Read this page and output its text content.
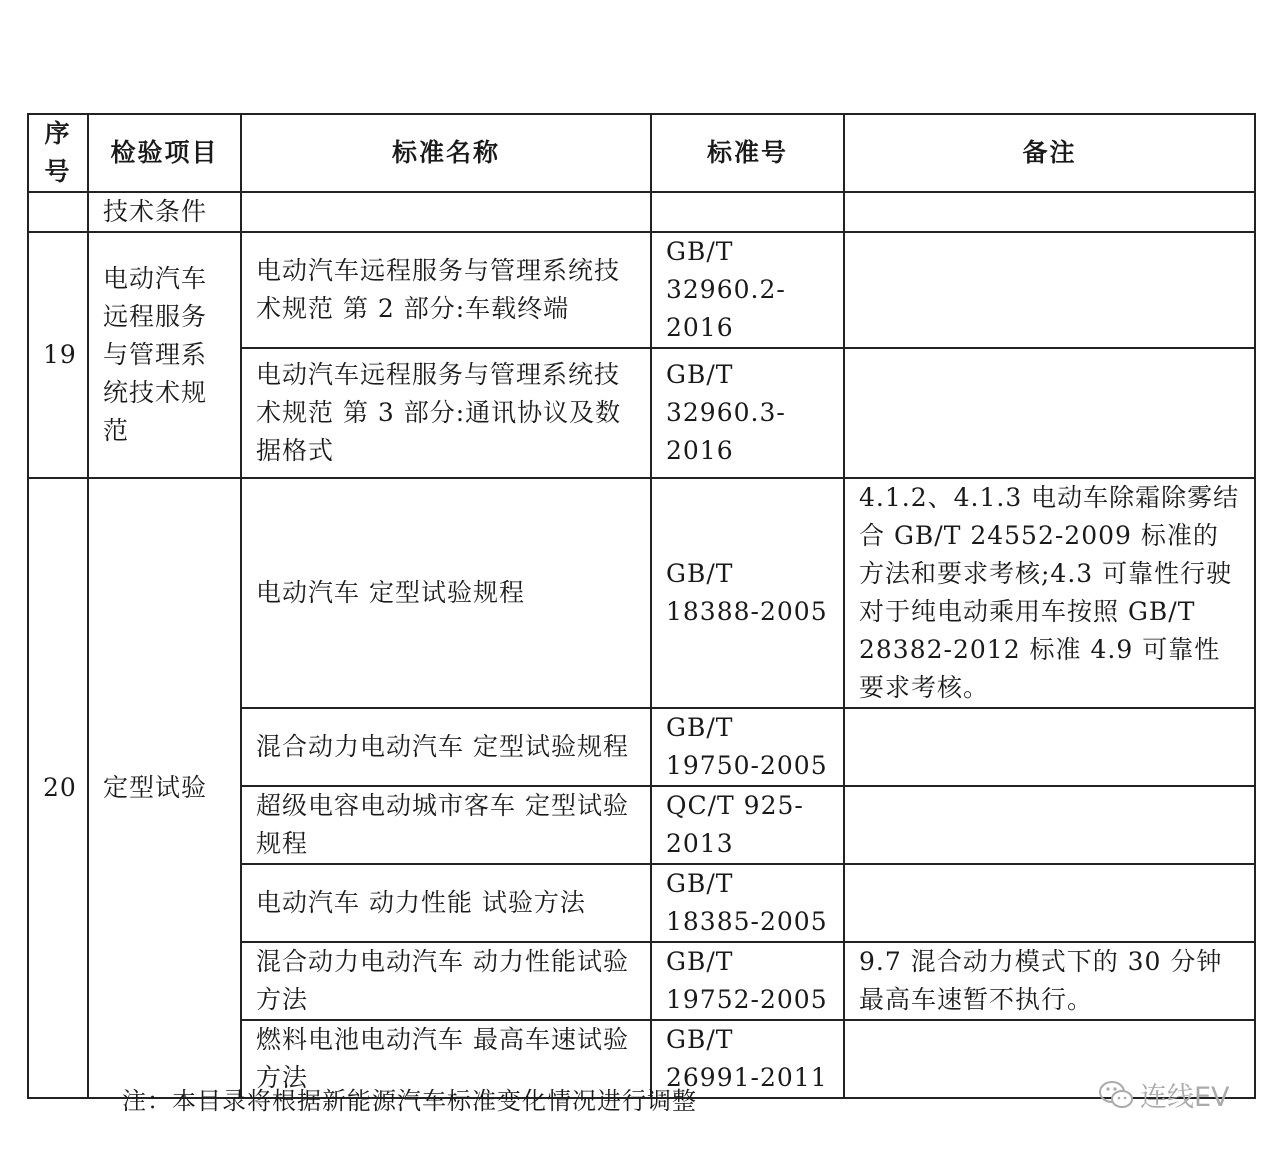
序号	检验项目	标准名称	标准号	备注
	技术条件			
19	电动汽车远程服务与管理系统技术规范	电动汽车远程服务与管理系统技术规范 第 2 部分:车载终端	GB/T 32960.2-2016	
		电动汽车远程服务与管理系统技术规范 第 3 部分:通讯协议及数据格式	GB/T 32960.3-2016	
20	定型试验	电动汽车 定型试验规程	GB/T 18388-2005	4.1.2、4.1.3 电动车除霜除雾结合 GB/T 24552-2009 标准的方法和要求考核;4.3 可靠性行驶对于纯电动乘用车按照 GB/T 28382-2012 标准 4.9 可靠性要求考核。
		混合动力电动汽车 定型试验规程	GB/T 19750-2005	
		超级电容电动城市客车 定型试验规程	QC/T 925-2013	
		电动汽车 动力性能 试验方法	GB/T 18385-2005	
		混合动力电动汽车 动力性能试验方法	GB/T 19752-2005	9.7 混合动力模式下的 30 分钟最高车速暂不执行。
		燃料电池电动汽车 最高车速试验方法	GB/T 26991-2011	
注：本目录将根据新能源汽车标准变化情况进行调整	连线EV
